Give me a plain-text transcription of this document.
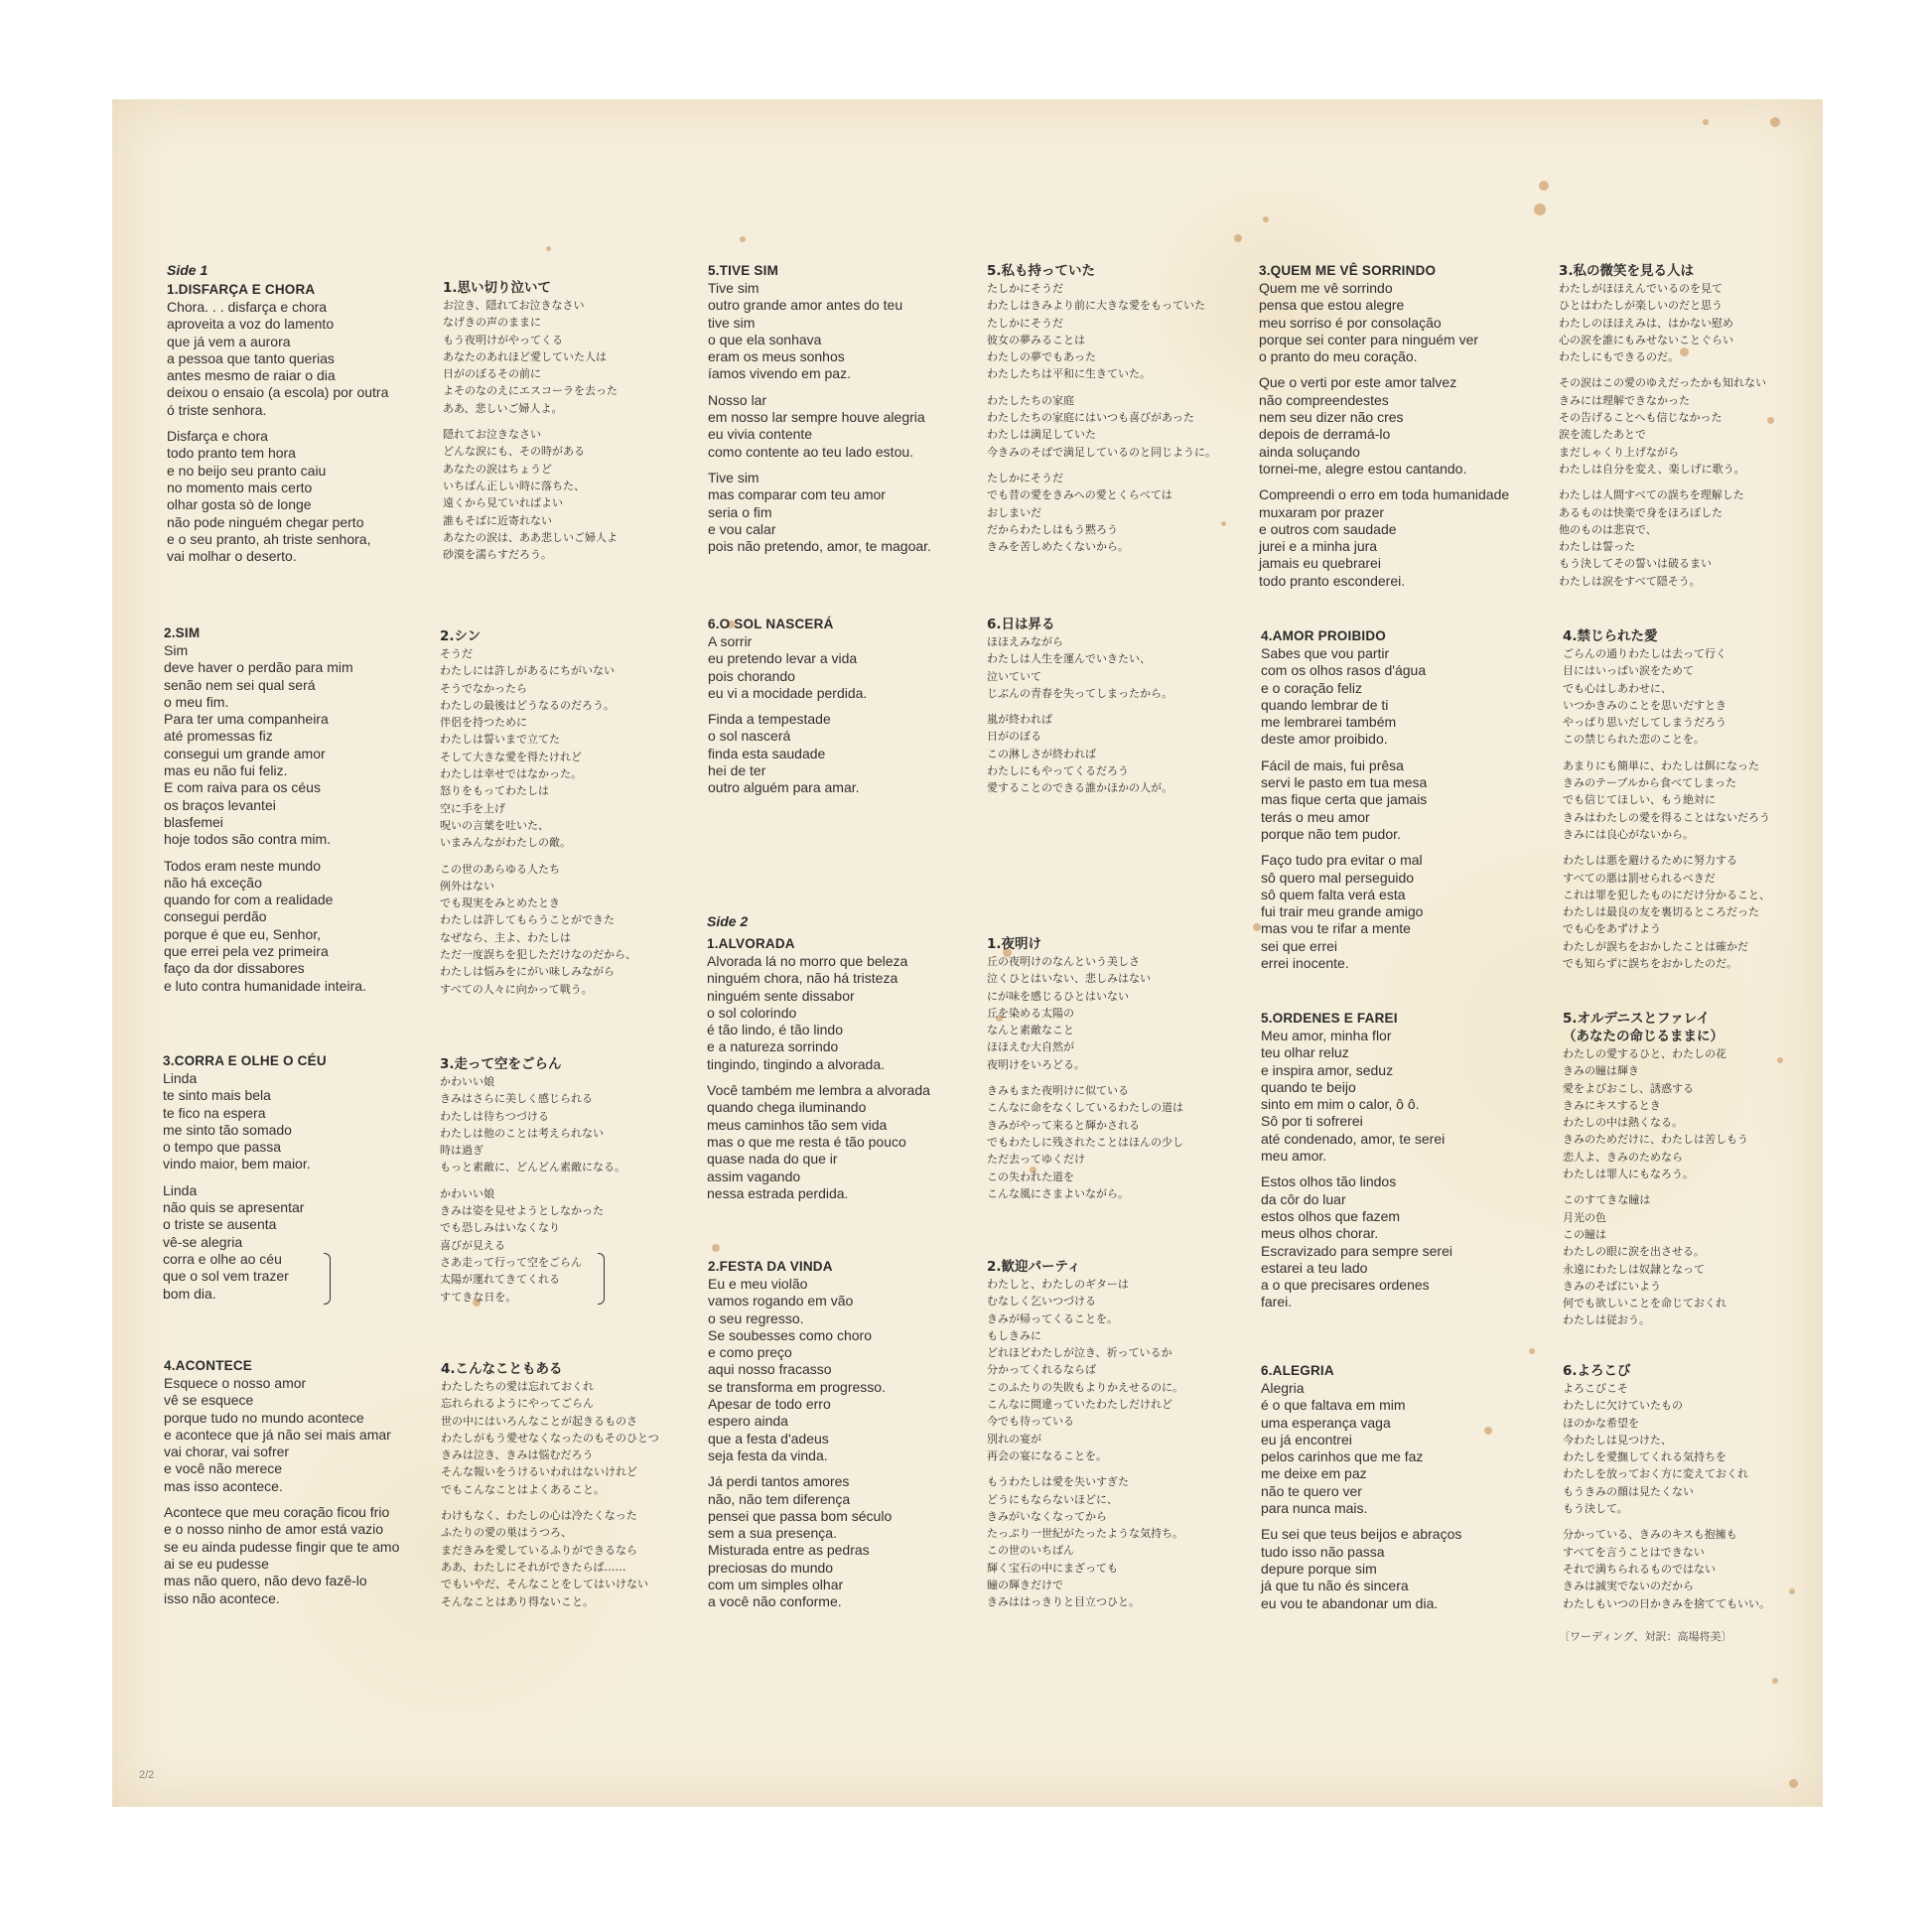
Side 1

Side 2

1.DISFARÇA E CHORA

Chora. . . disfarça e chora
aproveita a voz do lamento
que já vem a aurora
a pessoa que tanto querias
antes mesmo de raiar o dia
deixou o ensaio (a escola) por outra
ó triste senhora.
Disfarça e chora
todo pranto tem hora
e no beijo seu pranto caiu
no momento mais certo
olhar gosta sò de longe
não pode ninguém chegar perto
e o seu pranto, ah triste senhora,
vai molhar o deserto.

1.思い切り泣いて

お泣き、隠れてお泣きなさい
なげきの声のままに
もう夜明けがやってくる
あなたのあれほど愛していた人は
日がのぼるその前に
よそのなのえにエスコーラを去った
ああ、悲しいご婦人よ。
隠れてお泣きなさい
どんな涙にも、その時がある
あなたの涙はちょうど
いちばん正しい時に落ちた、
遠くから見ていればよい
誰もそばに近寄れない
あなたの涙は、ああ悲しいご婦人よ
砂漠を濡らすだろう。

5.TIVE SIM

Tive sim
outro grande amor antes do teu
tive sim
o que ela sonhava
eram os meus sonhos
íamos vivendo em paz.
Nosso lar
em nosso lar sempre houve alegria
eu vivia contente
como contente ao teu lado estou.
Tive sim
mas comparar com teu amor
seria o fim
e vou calar
pois não pretendo, amor, te magoar.

5.私も持っていた

たしかにそうだ
わたしはきみより前に大きな愛をもっていた
たしかにそうだ
彼女の夢みることは
わたしの夢でもあった
わたしたちは平和に生きていた。
わたしたちの家庭
わたしたちの家庭にはいつも喜びがあった
わたしは満足していた
今きみのそばで満足しているのと同じように。
たしかにそうだ
でも昔の愛をきみへの愛とくらべては
おしまいだ
だからわたしはもう黙ろう
きみを苦しめたくないから。

3.QUEM ME VÊ SORRINDO

Quem me vê sorrindo
pensa que estou alegre
meu sorriso é por consolação
porque sei conter para ninguém ver
o pranto do meu coração.
Que o verti por este amor talvez
não compreendestes
nem seu dizer não cres
depois de derramá-lo
ainda soluçando
tornei-me, alegre estou cantando.
Compreendi o erro em toda humanidade
muxaram por prazer
e outros com saudade
jurei e a minha jura
jamais eu quebrarei
todo pranto esconderei.

3.私の微笑を見る人は

わたしがほほえんでいるのを見て
ひとはわたしが楽しいのだと思う
わたしのほほえみは、はかない慰め
心の涙を誰にもみせないことぐらい
わたしにもできるのだ。
その涙はこの愛のゆえだったかも知れない
きみには理解できなかった
その告げることへも信じなかった
涙を流したあとで
まだしゃくり上げながら
わたしは自分を変え、楽しげに歌う。
わたしは人間すべての誤ちを理解した
あるものは快楽で身をほろぼした
他のものは悲哀で、
わたしは誓った
もう決してその誓いは破るまい
わたしは涙をすべて隠そう。

2.SIM

Sim
deve haver o perdão para mim
senão nem sei qual será
o meu fim.
Para ter uma companheira
até promessas fiz
consegui um grande amor
mas eu não fui feliz.
E com raiva para os céus
os braços levantei
blasfemei
hoje todos são contra mim.
Todos eram neste mundo
não há exceção
quando for com a realidade
consegui perdão
porque é que eu, Senhor,
que errei pela vez primeira
faço da dor dissabores
e luto contra humanidade inteira.

2.シン

そうだ
わたしには許しがあるにちがいない
そうでなかったら
わたしの最後はどうなるのだろう。
伴侶を持つために
わたしは誓いまで立てた
そして大きな愛を得たけれど
わたしは幸せではなかった。
怒りをもってわたしは
空に手を上げ
呪いの言葉を吐いた、
いまみんながわたしの敵。
この世のあらゆる人たち
例外はない
でも現実をみとめたとき
わたしは許してもらうことができた
なぜなら、主よ、わたしは
ただ一度誤ちを犯しただけなのだから、
わたしは悩みをにがい味しみながら
すべての人々に向かって戦う。

6.O SOL NASCERÁ

A sorrir
eu pretendo levar a vida
pois chorando
eu vi a mocidade perdida.
Finda a tempestade
o sol nascerá
finda esta saudade
hei de ter
outro alguém para amar.

6.日は昇る

ほほえみながら
わたしは人生を運んでいきたい、
泣いていて
じぶんの青春を失ってしまったから。
嵐が終われば
日がのぼる
この淋しさが終われば
わたしにもやってくるだろう
愛することのできる誰かほかの人が。

4.AMOR PROIBIDO

Sabes que vou partir
com os olhos rasos d'água
e o coração feliz
quando lembrar de ti
me lembrarei também
deste amor proibido.
Fácil de mais, fui prêsa
servi le pasto em tua mesa
mas fique certa que jamais
terás o meu amor
porque não tem pudor.
Faço tudo pra evitar o mal
sô quero mal perseguido
sô quem falta verá esta
fui trair meu grande amigo
mas vou te rifar a mente
sei que errei
errei inocente.

4.禁じられた愛

ごらんの通りわたしは去って行く
目にはいっぱい涙をためて
でも心はしあわせに、
いつかきみのことを思いだすとき
やっぱり思いだしてしまうだろう
この禁じられた恋のことを。
あまりにも簡単に、わたしは餌になった
きみのテーブルから食べてしまった
でも信じてほしい、もう絶対に
きみはわたしの愛を得ることはないだろう
きみには良心がないから。
わたしは悪を避けるために努力する
すべての悪は罰せられるべきだ
これは罪を犯したものにだけ分かること、
わたしは最良の友を裏切るところだった
でも心をあずけよう
わたしが誤ちをおかしたことは確かだ
でも知らずに誤ちをおかしたのだ。

1.ALVORADA

Alvorada lá no morro que beleza
ninguém chora, não há tristeza
ninguém sente dissabor
o sol colorindo
é tão lindo, é tão lindo
e a natureza sorrindo
tingindo, tingindo a alvorada.
Você também me lembra a alvorada
quando chega iluminando
meus caminhos tão sem vida
mas o que me resta é tão pouco
quase nada do que ir
assim vagando
nessa estrada perdida.

1.夜明け

丘の夜明けのなんという美しさ
泣くひとはいない、悲しみはない
にが味を感じるひとはいない
丘を染める太陽の
なんと素敵なこと
ほほえむ大自然が
夜明けをいろどる。
きみもまた夜明けに似ている
こんなに命をなくしているわたしの道は
きみがやって来ると輝かされる
でもわたしに残されたことはほんの少し
ただ去ってゆくだけ
この失われた道を
こんな風にさまよいながら。

5.ORDENES E FAREI

Meu amor, minha flor
teu olhar reluz
e inspira amor, seduz
quando te beijo
sinto em mim o calor, ô ô.
Sô por ti sofrerei
até condenado, amor, te serei
meu amor.
Estos olhos tão lindos
da côr do luar
estos olhos que fazem
meus olhos chorar.
Escravizado para sempre serei
estarei a teu lado
a o que precisares ordenes
farei.

5.オルデニスとファレイ
（あなたの命じるままに）

わたしの愛するひと、わたしの花
きみの瞳は輝き
愛をよびおこし、誘惑する
きみにキスするとき
わたしの中は熱くなる。
きみのためだけに、わたしは苦しもう
恋人よ、きみのためなら
わたしは罪人にもなろう。
このすてきな瞳は
月光の色
この瞳は
わたしの眼に涙を出させる。
永遠にわたしは奴隷となって
きみのそばにいよう
何でも欲しいことを命じておくれ
わたしは従おう。

3.CORRA E OLHE O CÉU

Linda
te sinto mais bela
te fico na espera
me sinto tão somado
o tempo que passa
vindo maior, bem maior.
Linda
não quis se apresentar
o triste se ausenta
vê-se alegria
corra e olhe ao céu
que o sol vem trazer
bom dia.

3.走って空をごらん

かわいい娘
きみはさらに美しく感じられる
わたしは待ちつづける
わたしは他のことは考えられない
時は過ぎ
もっと素敵に、どんどん素敵になる。
かわいい娘
きみは姿を見せようとしなかった
でも恐しみはいなくなり
喜びが見える
さあ走って行って空をごらん
太陽が運れてきてくれる
すてきな日を。

2.FESTA DA VINDA

Eu e meu violão
vamos rogando em vão
o seu regresso.
Se soubesses como choro
e como preço
aqui nosso fracasso
se transforma em progresso.
Apesar de todo erro
espero ainda
que a festa d'adeus
seja festa da vinda.
Já perdi tantos amores
não, não tem diferença
pensei que passa bom século
sem a sua presença.
Misturada entre as pedras
preciosas do mundo
com um simples olhar
a você não conforme.

2.歓迎パーティ

わたしと、わたしのギターは
むなしく乞いつづける
きみが帰ってくることを。
もしきみに
どれほどわたしが泣き、祈っているか
分かってくれるならば
このふたりの失敗もよりかえせるのに。
こんなに間違っていたわたしだけれど
今でも待っている
別れの宴が
再会の宴になることを。
もうわたしは愛を失いすぎた
どうにもならないほどに、
きみがいなくなってから
たっぷり一世紀がたったような気持ち。
この世のいちばん
輝く宝石の中にまざっても
瞳の輝きだけで
きみははっきりと目立つひと。

6.ALEGRIA

Alegria
é o que faltava em mim
uma esperança vaga
eu já encontrei
pelos carinhos que me faz
me deixe em paz
não te quero ver
para nunca mais.
Eu sei que teus beijos e abraços
tudo isso não passa
depure porque sim
já que tu não és sincera
eu vou te abandonar um dia.

6.よろこび

よろこびこそ
わたしに欠けていたもの
ほのかな希望を
今わたしは見つけた、
わたしを愛撫してくれる気持ちを
わたしを放っておく方に変えておくれ
もうきみの顔は見たくない
もう決して。
分かっている、きみのキスも抱擁も
すべてを言うことはできない
それで満ちられるものではない
きみは誠実でないのだから
わたしもいつの日かきみを捨ててもいい。

4.ACONTECE

Esquece o nosso amor
vê se esquece
porque tudo no mundo acontece
e acontece que já não sei mais amar
vai chorar, vai sofrer
e você não merece
mas isso acontece.
Acontece que meu coração ficou frio
e o nosso ninho de amor está vazio
se eu ainda pudesse fingir que te amo
ai se eu pudesse
mas não quero, não devo fazê-lo
isso não acontece.

4.こんなこともある

わたしたちの愛は忘れておくれ
忘れられるようにやってごらん
世の中にはいろんなことが起きるものさ
わたしがもう愛せなくなったのもそのひとつ
きみは泣き、きみは悩むだろう
そんな報いをうけるいわれはないけれど
でもこんなことはよくあること。
わけもなく、わたしの心は冷たくなった
ふたりの愛の巣はうつろ、
まだきみを愛しているふりができるなら
ああ、わたしにそれができたらば……
でもいやだ、そんなことをしてはいけない
そんなことはあり得ないこと。
〔ワーディング、対訳：高場将美〕
2/2
